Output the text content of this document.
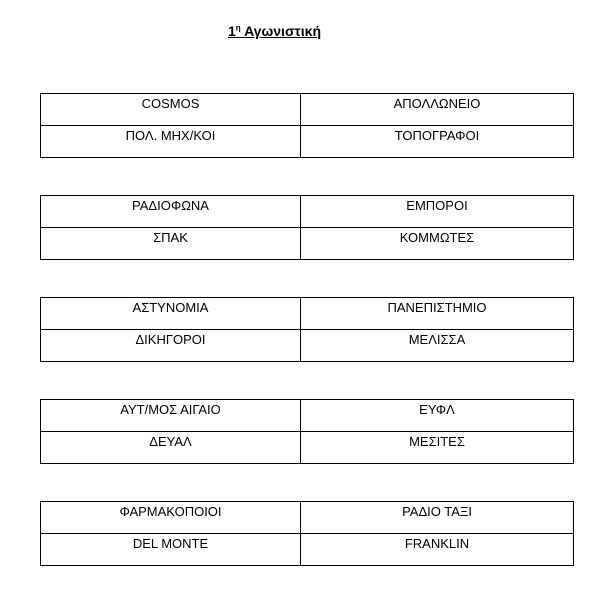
$1^\eta$ Αγωνιστική
COSMOS	ΑΠΟΛΛΩΝΕΙΟ
ΠΟΛ. ΜΗΧ/ΚΟΙ	ΤΟΠΟΓΡΑΦΟΙ
ΡΑΔΙΟΦΩΝΑ	ΕΜΠΟΡΟΙ
ΣΠΑΚ	ΚΟΜΜΩΤΕΣ
ΑΣΤΥΝΟΜΙΑ	ΠΑΝΕΠΙΣΤΗΜΙΟ
ΔΙΚΗΓΟΡΟΙ	ΜΕΛΙΣΣΑ
ΑΥΤ/ΜΟΣ ΑΙΓΑΙΟ	ΕΥΦΛ
ΔΕΥΑΛ	ΜΕΣΙΤΕΣ
ΦΑΡΜΑΚΟΠΟΙΟΙ	ΡΑΔΙΟ ΤΑΞΙ
DEL MONTE	FRANKLIN
